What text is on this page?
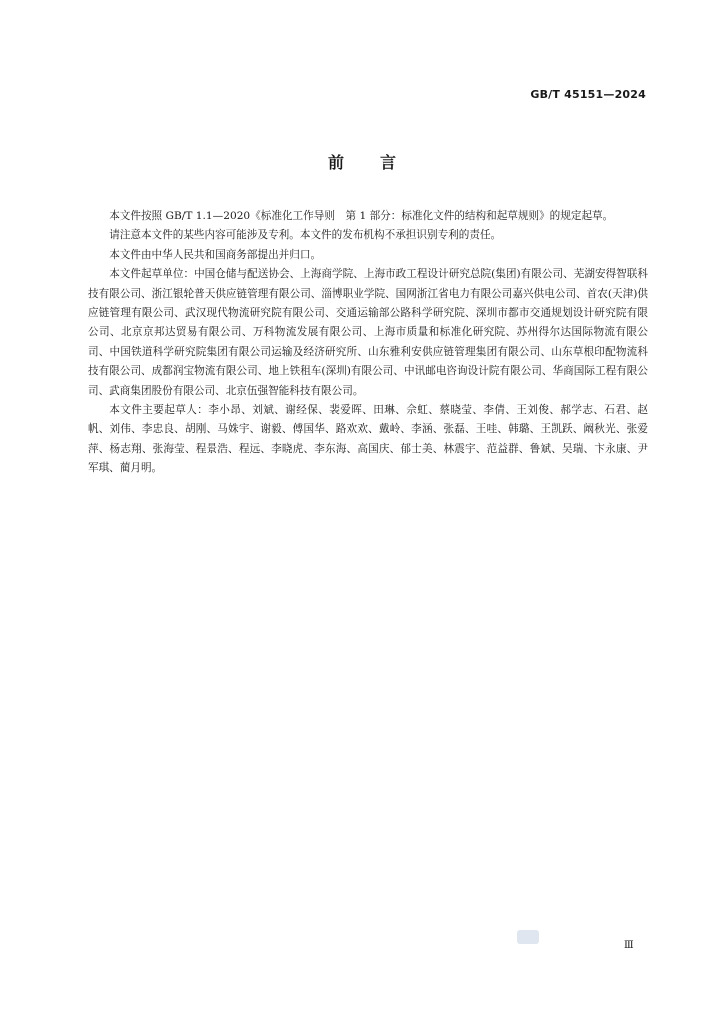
GB/T 45151—2024
前言

本文件按照 GB/T 1.1—2020《标准化工作导则　第 1 部分：标准化文件的结构和起草规则》的规定起草。

请注意本文件的某些内容可能涉及专利。本文件的发布机构不承担识别专利的责任。

本文件由中华人民共和国商务部提出并归口。

本文件起草单位：中国仓储与配送协会、上海商学院、上海市政工程设计研究总院(集团)有限公司、芜湖安得智联科技有限公司、浙江银轮普天供应链管理有限公司、淄博职业学院、国网浙江省电力有限公司嘉兴供电公司、首农(天津)供应链管理有限公司、武汉现代物流研究院有限公司、交通运输部公路科学研究院、深圳市都市交通规划设计研究院有限公司、北京京邦达贸易有限公司、万科物流发展有限公司、上海市质量和标准化研究院、苏州得尔达国际物流有限公司、中国铁道科学研究院集团有限公司运输及经济研究所、山东雅利安供应链管理集团有限公司、山东草根印配物流科技有限公司、成都润宝物流有限公司、地上铁租车(深圳)有限公司、中讯邮电咨询设计院有限公司、华商国际工程有限公司、武商集团股份有限公司、北京伍强智能科技有限公司。

本文件主要起草人：李小昂、刘斌、谢经保、裴爱晖、田琳、佘虹、蔡晓莹、李倩、王刘俊、郝学志、石君、赵帆、刘伟、李忠良、胡刚、马姝宇、谢毅、傅国华、路欢欢、戴岭、李涵、张磊、王哇、韩璐、王凯跃、阚秋光、张爱萍、杨志翔、张海莹、程景浩、程远、李晓虎、李东海、高国庆、郁士美、林震宇、范益群、鲁斌、吴瑞、卞永康、尹军琪、蔺月明。

Ⅲ
